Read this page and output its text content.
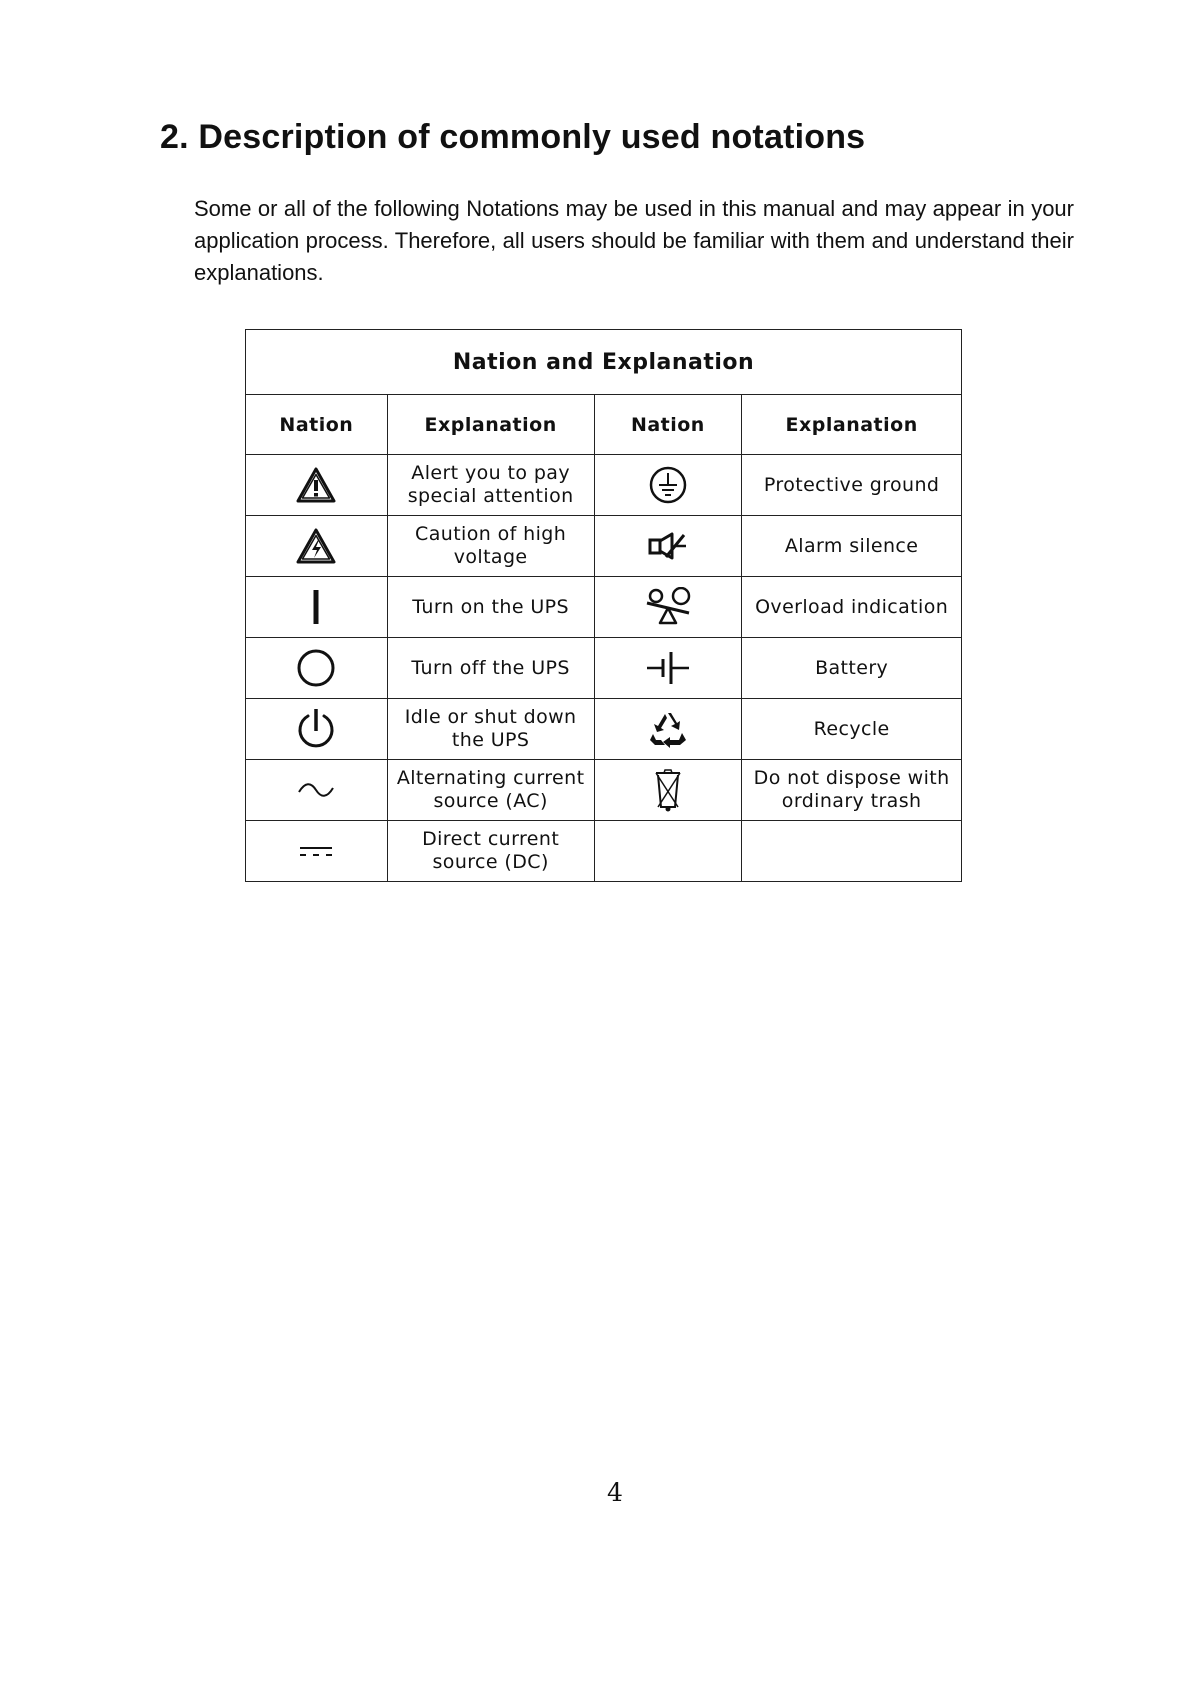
2. Description of commonly used notations

Some or all of the following Notations may be used in this manual and may appear in your application process. Therefore, all users should be familiar with them and understand their explanations.

Nation and Explanation			
Nation	Explanation	Nation	Explanation

	Alert you to pay special attention		Protective ground

	Caution of high voltage		Alarm silence

	Turn on the UPS		Overload indication

	Turn off the UPS		Battery

	Idle or shut down the UPS		Recycle

	Alternating current source (AC)		Do not dispose with ordinary trash

	Direct current source (DC)		

4
